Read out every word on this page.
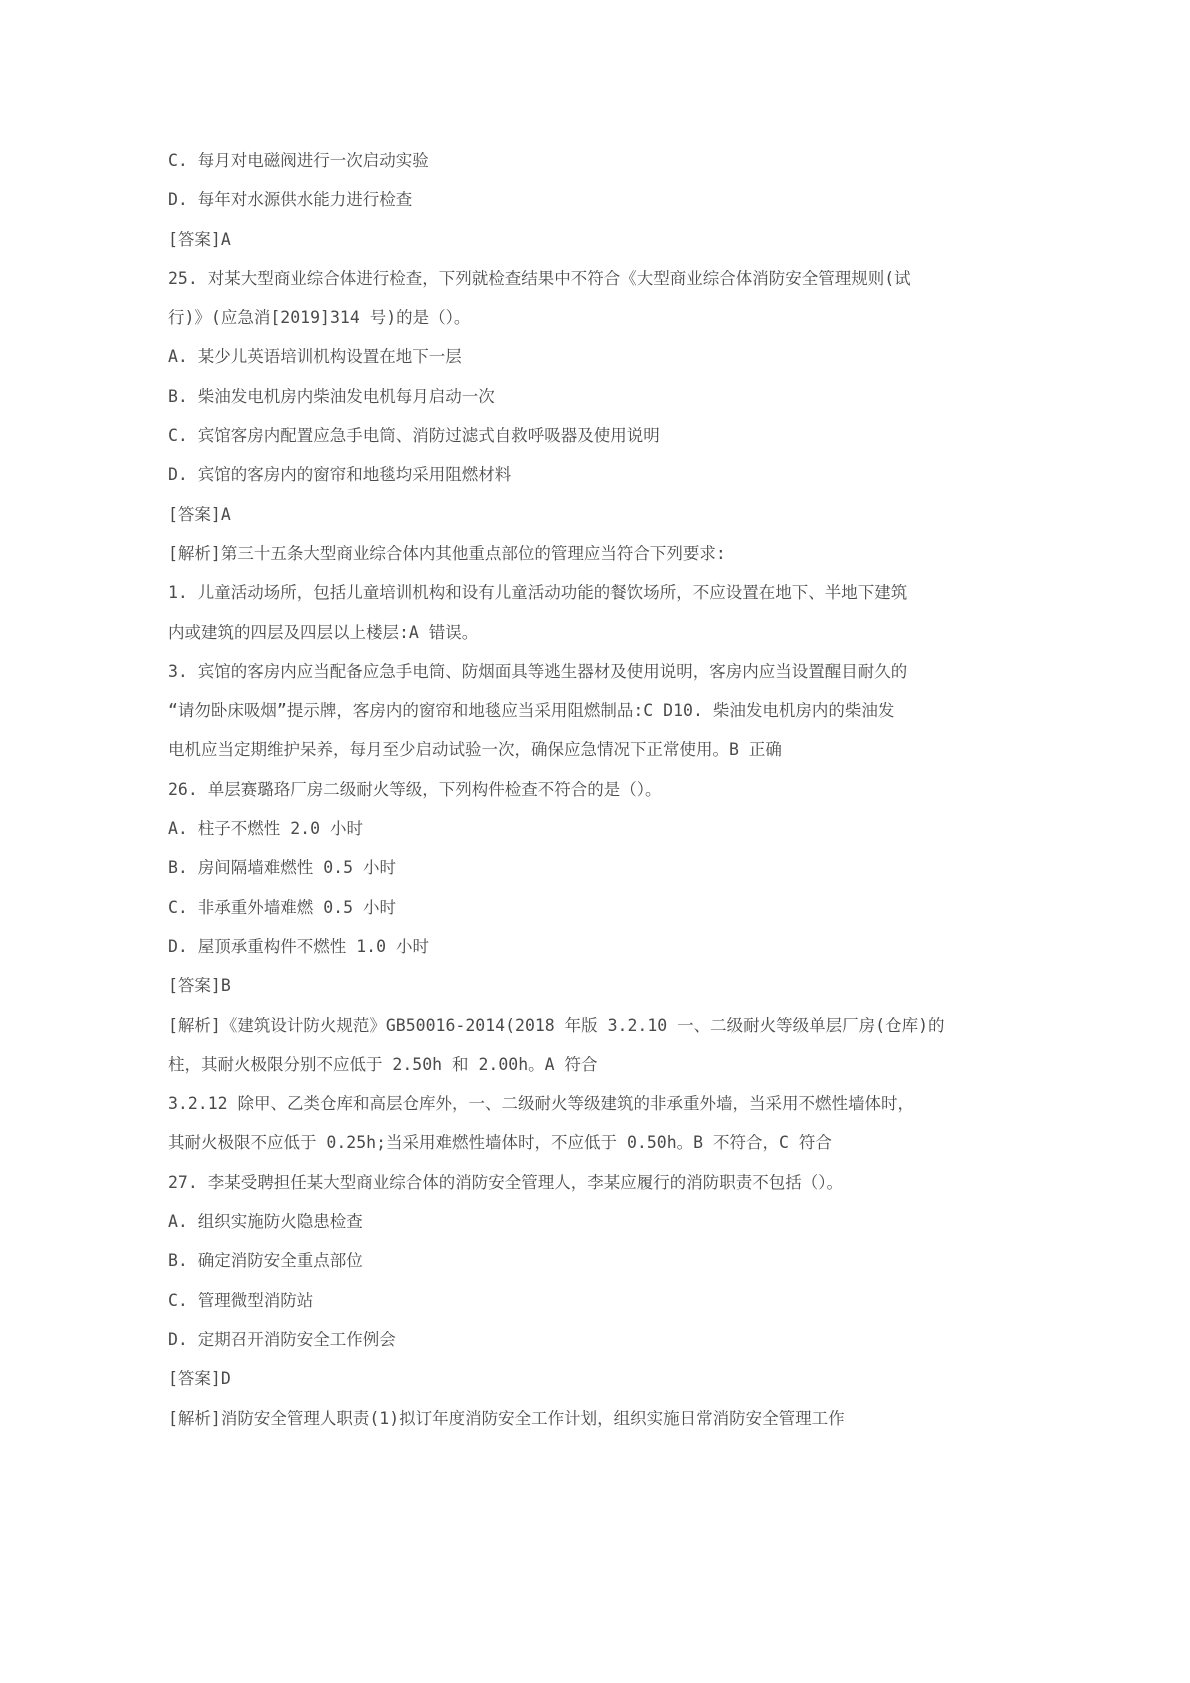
C. 每月对电磁阀进行一次启动实验
D. 每年对水源供水能力进行检查
[答案]A
25. 对某大型商业综合体进行检查，下列就检查结果中不符合《大型商业综合体消防安全管理规则(试
行)》(应急消[2019]314 号)的是（）。
A. 某少儿英语培训机构设置在地下一层
B. 柴油发电机房内柴油发电机每月启动一次
C. 宾馆客房内配置应急手电筒、消防过滤式自救呼吸器及使用说明
D. 宾馆的客房内的窗帘和地毯均采用阻燃材料
[答案]A
[解析]第三十五条大型商业综合体内其他重点部位的管理应当符合下列要求:
1. 儿童活动场所，包括儿童培训机构和设有儿童活动功能的餐饮场所，不应设置在地下、半地下建筑
内或建筑的四层及四层以上楼层:A 错误。
3. 宾馆的客房内应当配备应急手电筒、防烟面具等逃生器材及使用说明，客房内应当设置醒目耐久的
“请勿卧床吸烟”提示牌，客房内的窗帘和地毯应当采用阻燃制品:C D10. 柴油发电机房内的柴油发
电机应当定期维护呆养，每月至少启动试验一次，确保应急情况下正常使用。B 正确
26. 单层赛璐珞厂房二级耐火等级，下列构件检查不符合的是（）。
A. 柱子不燃性 2.0 小时
B. 房间隔墙难燃性 0.5 小时
C. 非承重外墙难燃 0.5 小时
D. 屋顶承重构件不燃性 1.0 小时
[答案]B
[解析]《建筑设计防火规范》GB50016-2014(2018 年版 3.2.10 一、二级耐火等级单层厂房(仓库)的
柱，其耐火极限分别不应低于 2.50h 和 2.00h。A 符合
3.2.12 除甲、乙类仓库和高层仓库外，一、二级耐火等级建筑的非承重外墙，当采用不燃性墙体时，
其耐火极限不应低于 0.25h;当采用难燃性墙体时，不应低于 0.50h。B 不符合，C 符合
27. 李某受聘担任某大型商业综合体的消防安全管理人，李某应履行的消防职责不包括（）。
A. 组织实施防火隐患检查
B. 确定消防安全重点部位
C. 管理微型消防站
D. 定期召开消防安全工作例会
[答案]D
[解析]消防安全管理人职责(1)拟订年度消防安全工作计划，组织实施日常消防安全管理工作
